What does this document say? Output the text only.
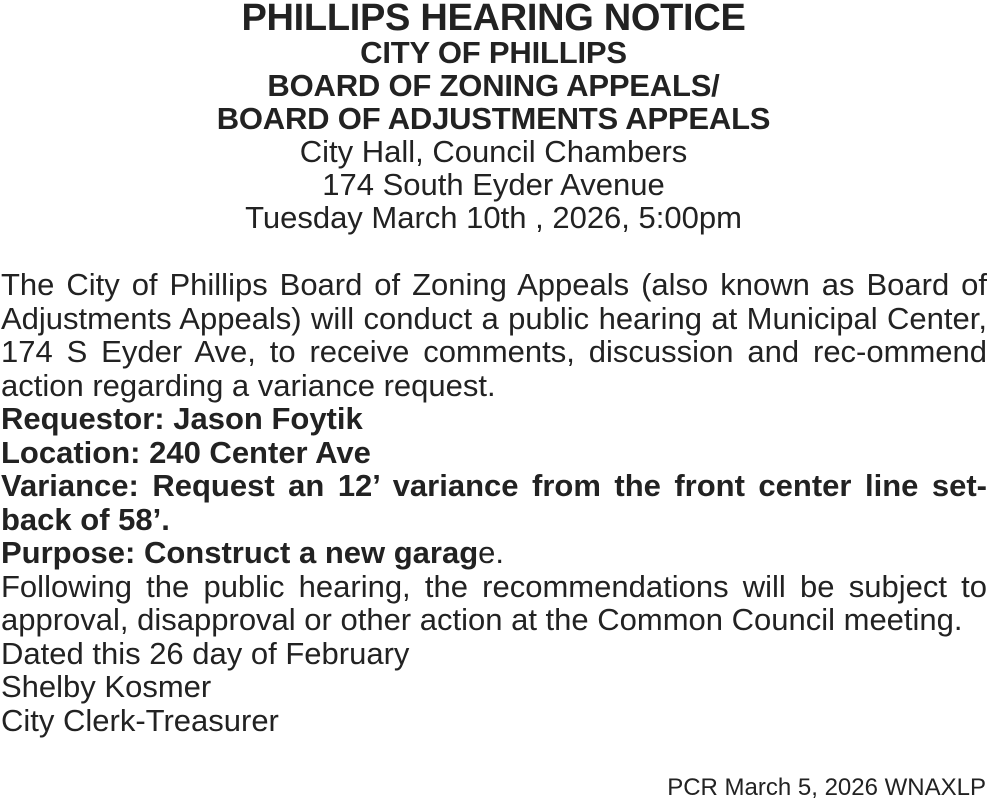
PHILLIPS HEARING NOTICE

CITY OF PHILLIPS

BOARD OF ZONING APPEALS/

BOARD OF ADJUSTMENTS APPEALS

City Hall, Council Chambers

174 South Eyder Avenue

Tuesday March 10th , 2026, 5:00pm

The City of Phillips Board of Zoning Appeals (also known as Board of Adjustments Appeals) will conduct a public hearing at Municipal Center, 174 S Eyder Ave, to receive comments, discussion and rec-ommend action regarding a variance request.

Requestor: Jason Foytik

Location: 240 Center Ave

Variance: Request an 12’ variance from the front center line set-back of 58’.

Purpose: Construct a new garage.

Following the public hearing, the recommendations will be subject to approval, disapproval or other action at the Common Council meeting.

Dated this 26 day of February

Shelby Kosmer

City Clerk-Treasurer

PCR March 5, 2026 WNAXLP
